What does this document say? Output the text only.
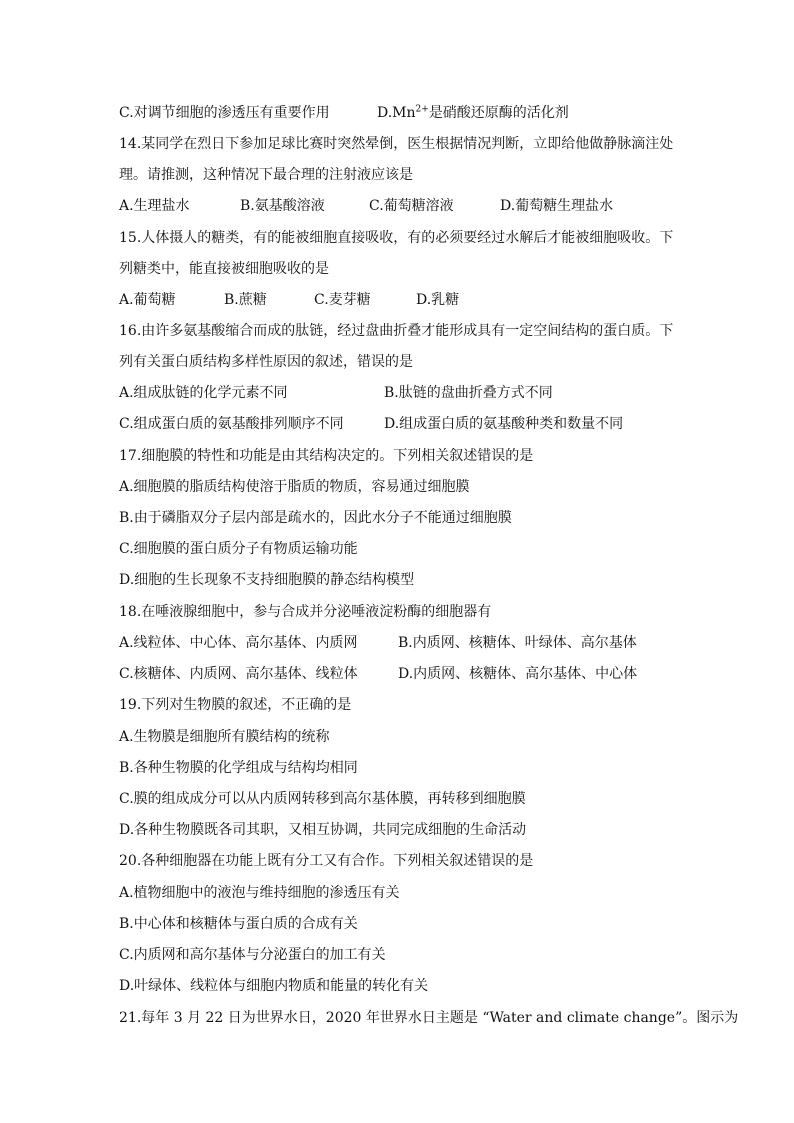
C.对调节细胞的渗透压有重要作用	$D.Mn^{2+}$是硝酸还原酶的活化剂
14.某同学在烈日下参加足球比赛时突然晕倒，医生根据情况判断，立即给他做静脉滴注处
理。请推测，这种情况下最合理的注射液应该是
A.生理盐水	B.氨基酸溶液	C.葡萄糖溶液	D.葡萄糖生理盐水
15.人体摄人的糖类，有的能被细胞直接吸收，有的必须要经过水解后才能被细胞吸收。下
列糖类中，能直接被细胞吸收的是
A.葡萄糖	B.蔗糖	C.麦芽糖	D.乳糖
16.由许多氨基酸缩合而成的肽链，经过盘曲折叠才能形成具有一定空间结构的蛋白质。下
列有关蛋白质结构多样性原因的叙述，错误的是
A.组成肽链的化学元素不同	B.肽链的盘曲折叠方式不同
C.组成蛋白质的氨基酸排列顺序不同	D.组成蛋白质的氨基酸种类和数量不同
17.细胞膜的特性和功能是由其结构决定的。下列相关叙述错误的是
A.细胞膜的脂质结构使溶于脂质的物质，容易通过细胞膜
B.由于磷脂双分子层内部是疏水的，因此水分子不能通过细胞膜
C.细胞膜的蛋白质分子有物质运输功能
D.细胞的生长现象不支持细胞膜的静态结构模型
18.在唾液腺细胞中，参与合成并分泌唾液淀粉酶的细胞器有
A.线粒体、中心体、高尔基体、内质网	B.内质网、核糖体、叶绿体、高尔基体
C.核糖体、内质网、高尔基体、线粒体	D.内质网、核糖体、高尔基体、中心体
19.下列对生物膜的叙述，不正确的是
A.生物膜是细胞所有膜结构的统称
B.各种生物膜的化学组成与结构均相同
C.膜的组成成分可以从内质网转移到高尔基体膜，再转移到细胞膜
D.各种生物膜既各司其职，又相互协调，共同完成细胞的生命活动
20.各种细胞器在功能上既有分工又有合作。下列相关叙述错误的是
A.植物细胞中的液泡与维持细胞的渗透压有关
B.中心体和核糖体与蛋白质的合成有关
C.内质网和高尔基体与分泌蛋白的加工有关
D.叶绿体、线粒体与细胞内物质和能量的转化有关
21.每年 3 月 22 日为世界水日，2020 年世界水日主题是 “Water and climate change”。图示为
